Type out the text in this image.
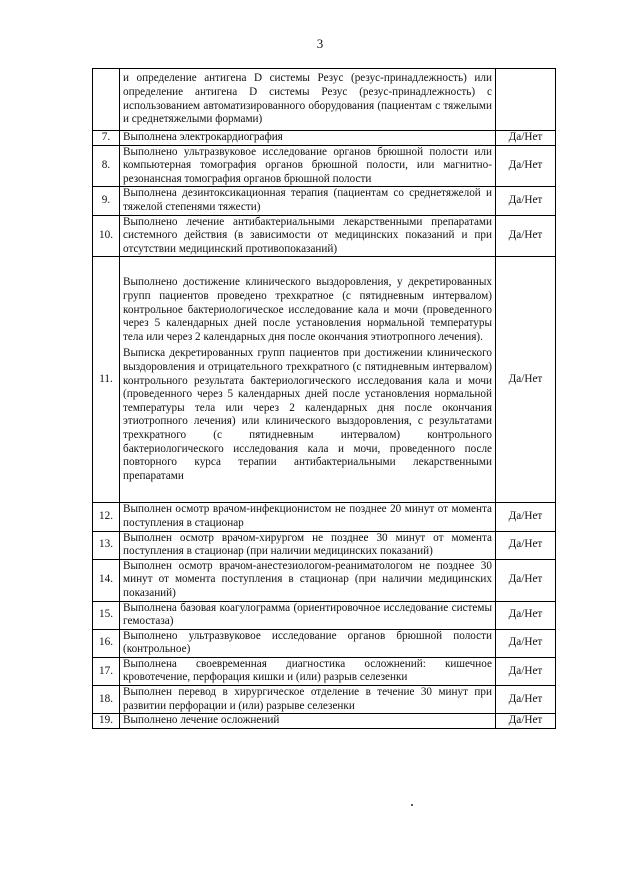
3

	и определение антигена D системы Резус (резус-принадлежность) или определение антигена D системы Резус (резус-принадлежность) с использованием автоматизированного оборудования (пациентам с тяжелыми и среднетяжелыми формами)	

7.	Выполнена электрокардиография	Да/Нет
8.	Выполнено ультразвуковое исследование органов брюшной полости или компьютерная томография органов брюшной полости, или магнитно-резонансная томография органов брюшной полости	Да/Нет
9.	Выполнена дезинтоксикационная терапия (пациентам со среднетяжелой и тяжелой степенями тяжести)	Да/Нет
10.	Выполнено лечение антибактериальными лекарственными препаратами системного действия (в зависимости от медицинских показаний и при отсутствии медицинский противопоказаний)	Да/Нет
11.	Выполнено достижение клинического выздоровления, у декретированных групп пациентов проведено трехкратное (с пятидневным интервалом) контрольное бактериологическое исследование кала и мочи (проведенного через 5 календарных дней после установления нормальной температуры тела или через 2 календарных дня после окончания этиотропного лечения).
Выписка декретированных групп пациентов при достижении клинического выздоровления и отрицательного трехкратного (с пятидневным интервалом) контрольного результата бактериологического исследования кала и мочи (проведенного через 5 календарных дней после установления нормальной температуры тела или через 2 календарных дня после окончания этиотропного лечения) или клинического выздоровления, с результатами трехкратного (с пятидневным интервалом) контрольного бактериологического исследования кала и мочи, проведенного после повторного курса терапии антибактериальными лекарственными препаратами	Да/Нет
12.	Выполнен осмотр врачом-инфекционистом не позднее 20 минут от момента поступления в стационар	Да/Нет
13.	Выполнен осмотр врачом-хирургом не позднее 30 минут от момента поступления в стационар (при наличии медицинских показаний)	Да/Нет
14.	Выполнен осмотр врачом-анестезиологом-реаниматологом не позднее 30 минут от момента поступления в стационар (при наличии медицинских показаний)	Да/Нет
15.	Выполнена базовая коагулограмма (ориентировочное исследование системы гемостаза)	Да/Нет
16.	Выполнено ультразвуковое исследование органов брюшной полости (контрольное)	Да/Нет
17.	Выполнена своевременная диагностика осложнений: кишечное кровотечение, перфорация кишки и (или) разрыв селезенки	Да/Нет
18.	Выполнен перевод в хирургическое отделение в течение 30 минут при развитии перфорации и (или) разрыве селезенки	Да/Нет
19.	Выполнено лечение осложнений	Да/Нет
